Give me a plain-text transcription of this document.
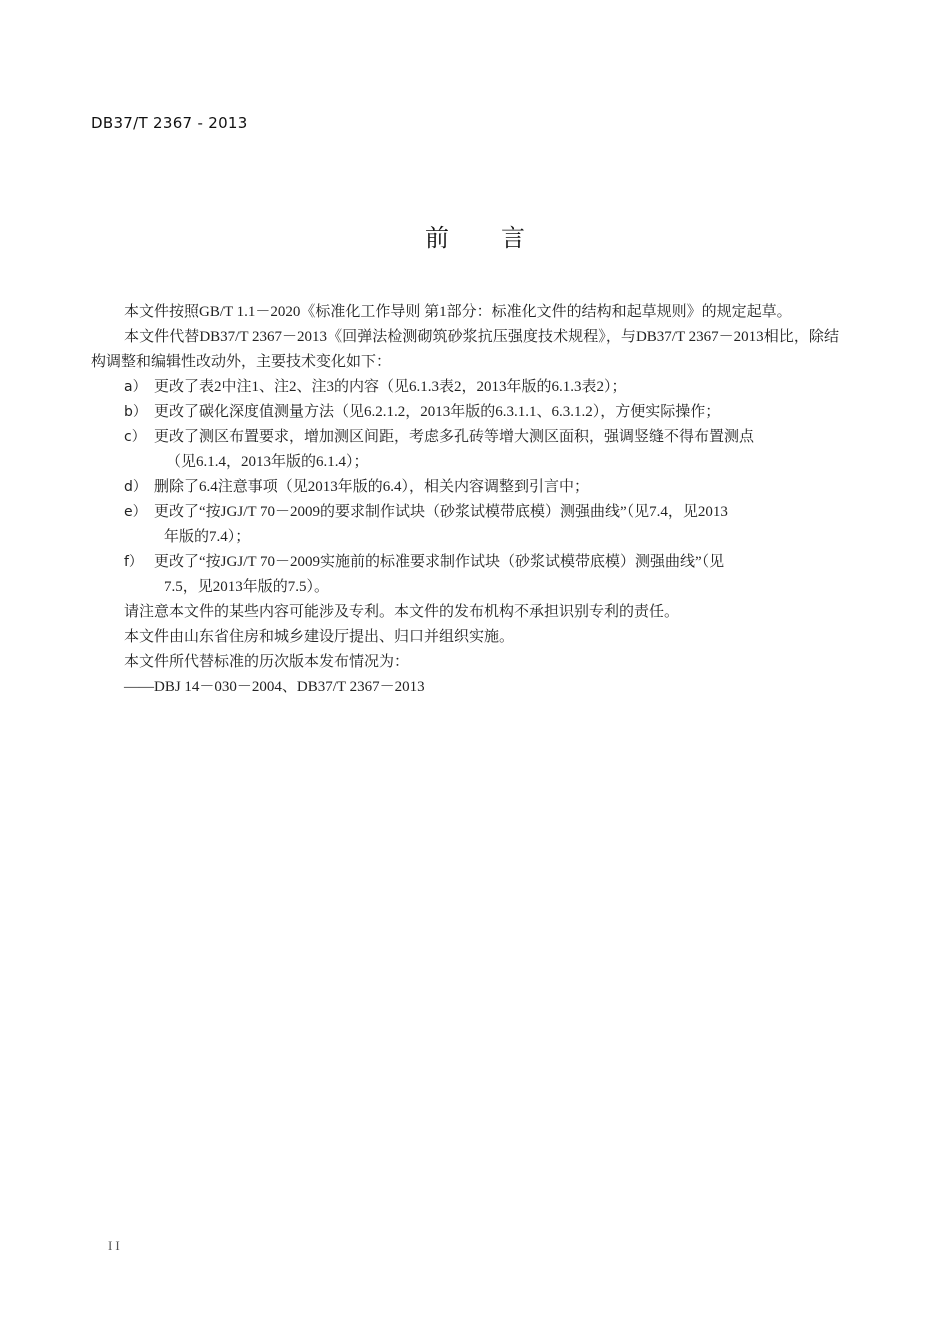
DB37/T 2367 - 2013
前 言

本文件按照GB/T 1.1－2020《标准化工作导则 第1部分：标准化文件的结构和起草规则》的规定起草。

本文件代替DB37/T 2367－2013《回弹法检测砌筑砂浆抗压强度技术规程》，与DB37/T 2367－2013相比，除结构调整和编辑性改动外，主要技术变化如下：

a） 更改了表2中注1、注2、注3的内容（见6.1.3表2，2013年版的6.1.3表2）；
b） 更改了碳化深度值测量方法（见6.2.1.2，2013年版的6.3.1.1、6.3.1.2），方便实际操作；
c） 更改了测区布置要求，增加测区间距，考虑多孔砖等增大测区面积，强调竖缝不得布置测点
（见6.1.4，2013年版的6.1.4）；
d） 删除了6.4注意事项（见2013年版的6.4），相关内容调整到引言中；
e） 更改了“按JGJ/T 70－2009的要求制作试块（砂浆试模带底模）测强曲线”（见7.4，见2013
年版的7.4）；
f） 更改了“按JGJ/T 70－2009实施前的标准要求制作试块（砂浆试模带底模）测强曲线”（见
7.5，见2013年版的7.5）。

请注意本文件的某些内容可能涉及专利。本文件的发布机构不承担识别专利的责任。

本文件由山东省住房和城乡建设厅提出、归口并组织实施。

本文件所代替标准的历次版本发布情况为：

——DBJ 14－030－2004、DB37/T 2367－2013

II
